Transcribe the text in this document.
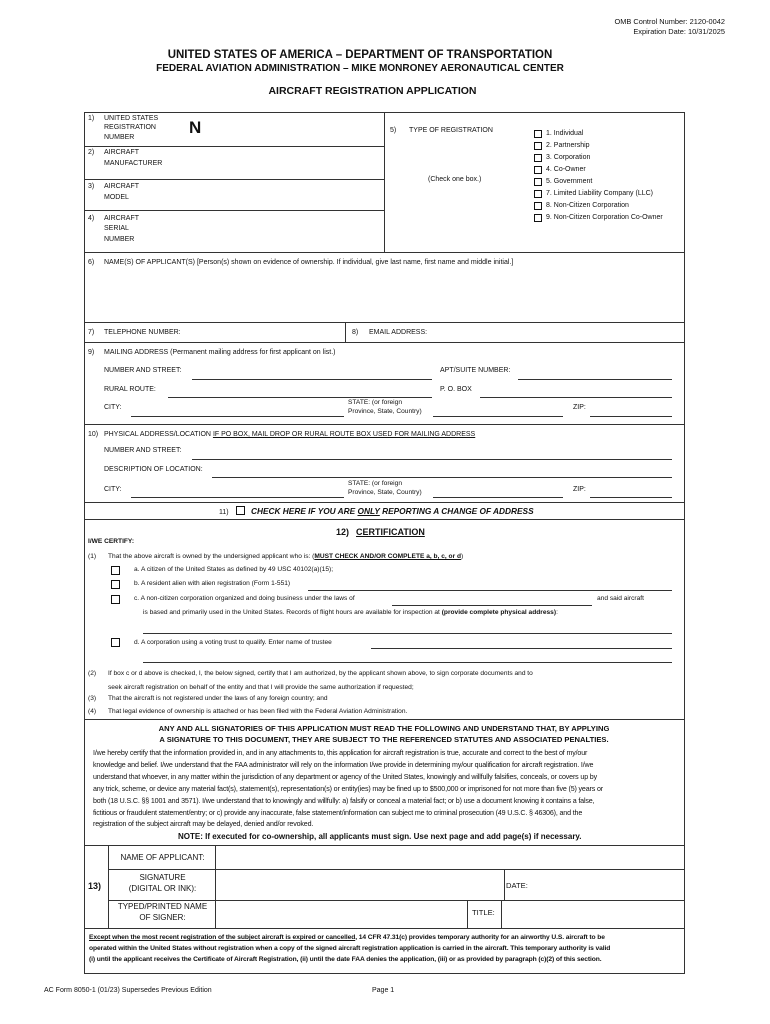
OMB Control Number: 2120-0042
Expiration Date: 10/31/2025
UNITED STATES OF AMERICA – DEPARTMENT OF TRANSPORTATION
FEDERAL AVIATION ADMINISTRATION – MIKE MONRONEY AERONAUTICAL CENTER
AIRCRAFT REGISTRATION APPLICATION
1) UNITED STATES
REGISTRATION
NUMBER
N
2) AIRCRAFT
MANUFACTURER
3) AIRCRAFT
MODEL
4) AIRCRAFT
SERIAL
NUMBER
5) TYPE OF REGISTRATION
(Check one box.)
1. Individual
2. Partnership
3. Corporation
4. Co-Owner
5. Government
7. Limited Liability Company (LLC)
8. Non-Citizen Corporation
9. Non-Citizen Corporation Co-Owner
6) NAME(S) OF APPLICANT(S) [Person(s) shown on evidence of ownership. If individual, give last name, first name and middle initial.]
7) TELEPHONE NUMBER:	8) EMAIL ADDRESS:
9) MAILING ADDRESS (Permanent mailing address for first applicant on list.)
NUMBER AND STREET:	APT/SUITE NUMBER:
RURAL ROUTE:	P. O. BOX
CITY:
STATE: (or foreign
Province, State, Country)
ZIP:
10) PHYSICAL ADDRESS/LOCATION IF PO BOX, MAIL DROP OR RURAL ROUTE BOX USED FOR MAILING ADDRESS
NUMBER AND STREET:
DESCRIPTION OF LOCATION:
CITY:
STATE: (or foreign
Province, State, Country)	ZIP:
11)	CHECK HERE IF YOU ARE ONLY REPORTING A CHANGE OF ADDRESS
12) CERTIFICATION
I/WE CERTIFY:
(1) That the above aircraft is owned by the undersigned applicant who is: (MUST CHECK AND/OR COMPLETE a, b, c, or d)
a. A citizen of the United States as defined by 49 USC 40102(a)(15);
b. A resident alien with alien registration (Form 1-551)
c. A non-citizen corporation organized and doing business under the laws of	and said aircraft
is based and primarily used in the United States. Records of flight hours are available for inspection at (provide complete physical address):
d. A corporation using a voting trust to qualify. Enter name of trustee
(2) If box c or d above is checked, I, the below signed, certify that I am authorized, by the applicant shown above, to sign corporate documents and to
seek aircraft registration on behalf of the entity and that I will provide the same authorization if requested;
(3) That the aircraft is not registered under the laws of any foreign country; and
(4) That legal evidence of ownership is attached or has been filed with the Federal Aviation Administration.
ANY AND ALL SIGNATORIES OF THIS APPLICATION MUST READ THE FOLLOWING AND UNDERSTAND THAT, BY APPLYING
A SIGNATURE TO THIS DOCUMENT, THEY ARE SUBJECT TO THE REFERENCED STATUTES AND ASSOCIATED PENALTIES.
I/we hereby certify that the information provided in, and in any attachments to, this application for aircraft registration is true, accurate and correct to the best of my/our
knowledge and belief. I/we understand that the FAA administrator will rely on the information I/we provide in determining my/our qualification for aircraft registration. I/we
understand that whoever, in any matter within the jurisdiction of any department or agency of the United States, knowingly and willfully falsifies, conceals, or covers up by
any trick, scheme, or device any material fact(s), statement(s), representation(s) or entity(ies) may be fined up to $500,000 or imprisoned for not more than five (5) years or
both (18 U.S.C. §§ 1001 and 3571). I/we understand that to knowingly and willfully: a) falsify or conceal a material fact; or b) use a document knowing it contains a false,
fictitious or fraudulent statement/entry; or c) provide any inaccurate, false statement/information can subject me to criminal prosecution (49 U.S.C. § 46306), and the
registration of the subject aircraft may be delayed, denied and/or revoked.
NOTE: If executed for co-ownership, all applicants must sign. Use next page and add page(s) if necessary.
13)
NAME OF APPLICANT:
SIGNATURE
(DIGITAL OR INK):	DATE:
TYPED/PRINTED NAME
OF SIGNER:
TITLE:
Except when the most recent registration of the subject aircraft is expired or cancelled, 14 CFR 47.31(c) provides temporary authority for an airworthy U.S. aircraft to be
operated within the United States without registration when a copy of the signed aircraft registration application is carried in the aircraft. This temporary authority is valid
(i) until the applicant receives the Certificate of Aircraft Registration, (ii) until the date FAA denies the application, (iii) or as provided by paragraph (c)(2) of this section.
AC Form 8050-1 (01/23) Supersedes Previous Edition	Page 1
